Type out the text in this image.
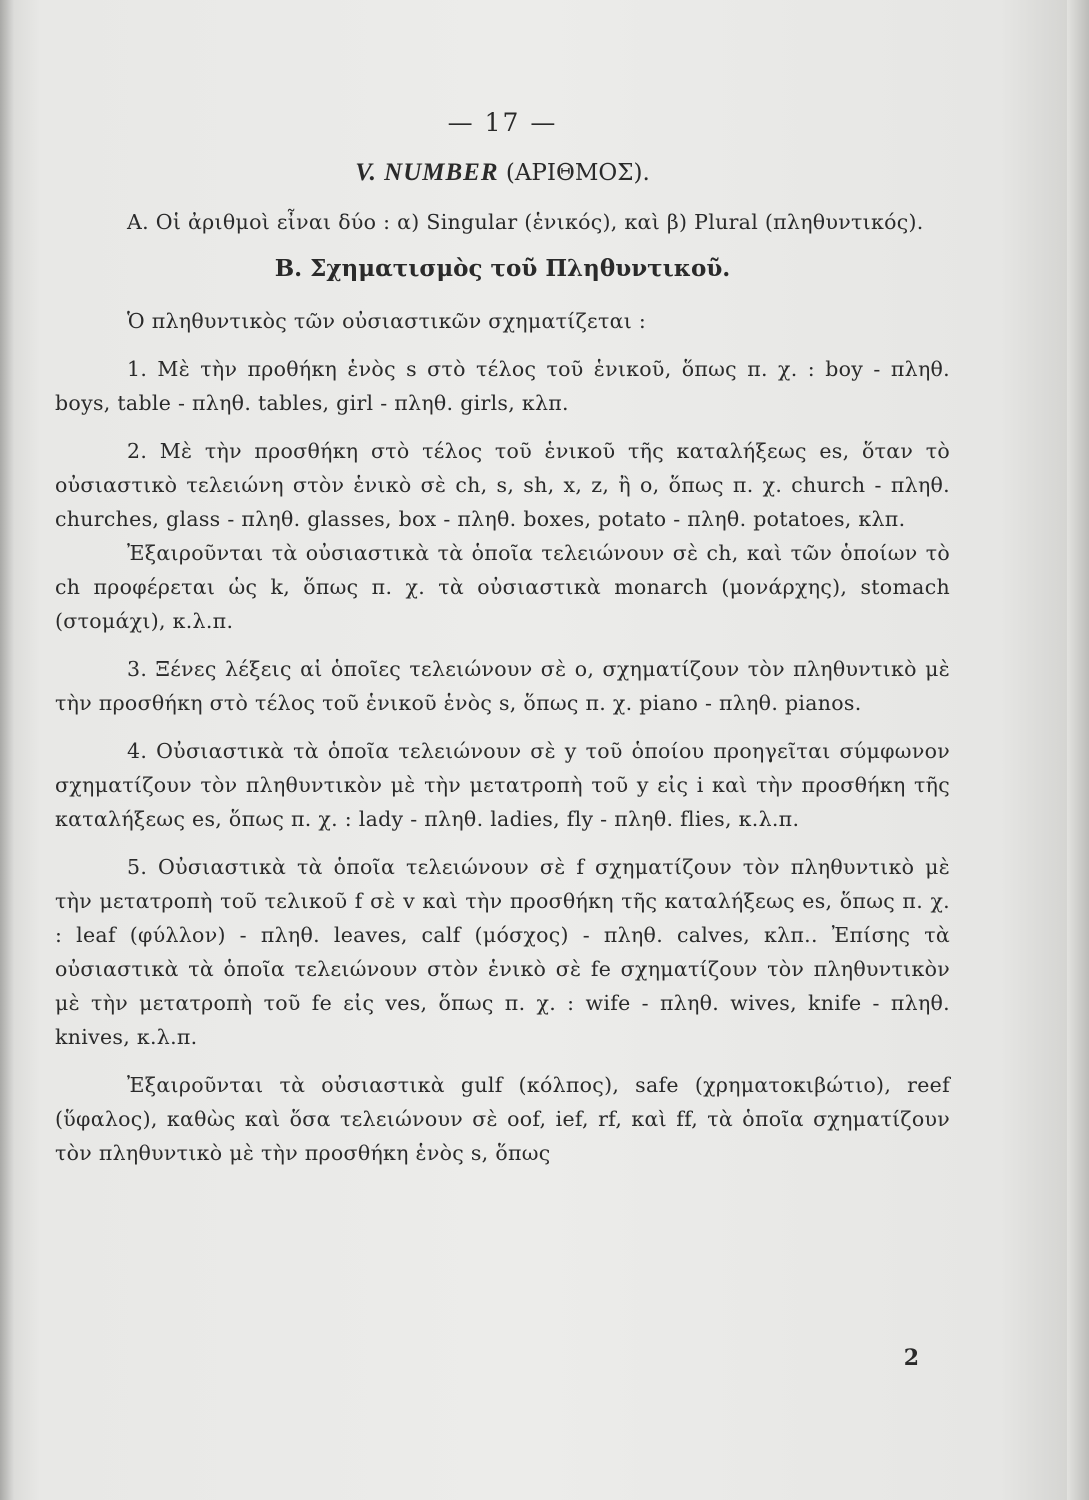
— 17 —
V. NUMBER (ΑΡΙΘΜΟΣ).

Α. Οἱ ἀριθμοὶ εἶναι δύο : α) Singular (ἑνικός), καὶ β) Plural (πληθυντικός).

Β. Σχηματισμὸς τοῦ Πληθυντικοῦ.

Ὁ πληθυντικὸς τῶν οὐσιαστικῶν σχηματίζεται :

1. Μὲ τὴν προθήκη ἑνὸς s στὸ τέλος τοῦ ἑνικοῦ, ὅπως π. χ. : boy - πληθ. boys, table - πληθ. tables, girl - πληθ. girls, κλπ.

2. Μὲ τὴν προσθήκη στὸ τέλος τοῦ ἑνικοῦ τῆς καταλήξεως es, ὅταν τὸ οὐσιαστικὸ τελειώνη στὸν ἑνικὸ σὲ ch, s, sh, x, z, ἢ o, ὅπως π. χ. church - πληθ. churches, glass - πληθ. glasses, box - πληθ. boxes, potato - πληθ. potatoes, κλπ.

Ἐξαιροῦνται τὰ οὐσιαστικὰ τὰ ὁποῖα τελειώνουν σὲ ch, καὶ τῶν ὁποίων τὸ ch προφέρεται ὡς k, ὅπως π. χ. τὰ οὐσιαστικὰ monarch (μονάρχης), stomach (στομάχι), κ.λ.π.

3. Ξένες λέξεις αἱ ὁποῖες τελειώνουν σὲ o, σχηματίζουν τὸν πληθυντικὸ μὲ τὴν προσθήκη στὸ τέλος τοῦ ἑνικοῦ ἑνὸς s, ὅπως π. χ. piano - πληθ. pianos.

4. Οὐσιαστικὰ τὰ ὁποῖα τελειώνουν σὲ y τοῦ ὁποίου προηγεῖται σύμφωνον σχηματίζουν τὸν πληθυντικὸν μὲ τὴν μετατροπὴ τοῦ y εἰς i καὶ τὴν προσθήκη τῆς καταλήξεως es, ὅπως π. χ. : lady - πληθ. ladies, fly - πληθ. flies, κ.λ.π.

5. Οὐσιαστικὰ τὰ ὁποῖα τελειώνουν σὲ f σχηματίζουν τὸν πληθυντικὸ μὲ τὴν μετατροπὴ τοῦ τελικοῦ f σὲ v καὶ τὴν προσθήκη τῆς καταλήξεως es, ὅπως π. χ. : leaf (φύλλον) - πληθ. leaves, calf (μόσχος) - πληθ. calves, κλπ.. Ἐπίσης τὰ οὐσιαστικὰ τὰ ὁποῖα τελειώνουν στὸν ἑνικὸ σὲ fe σχηματίζουν τὸν πληθυντικὸν μὲ τὴν μετατροπὴ τοῦ fe εἰς ves, ὅπως π. χ. : wife - πληθ. wives, knife - πληθ. knives, κ.λ.π.

Ἐξαιροῦνται τὰ οὐσιαστικὰ gulf (κόλπος), safe (χρηματοκιβώτιο), reef (ὕφαλος), καθὼς καὶ ὅσα τελειώνουν σὲ oof, ief, rf, καὶ ff, τὰ ὁποῖα σχηματίζουν τὸν πληθυντικὸ μὲ τὴν προσθήκη ἑνὸς s, ὅπως

2
